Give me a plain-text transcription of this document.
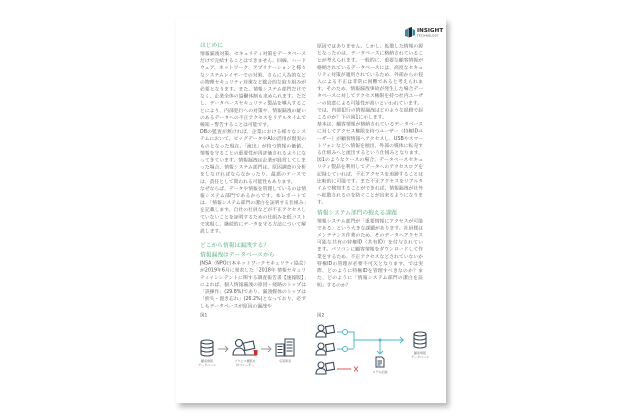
INSIGHT
TECHNOLOGY
はじめに

情報漏洩対策、セキュリティ対策をデータベースだけで完結することはできません。回線、ハードウェア、ネットワーク、アプリケーションと様々なシステムレイヤーでの対策、さらに人為的などの物理セキュリティ対策など総合的な取り組みが必要となります。また、情報システム部門だけでなく、企業全体の協働体制も求められます。ただし、データベースセキュリティ製品を導入することにより、内部犯行への対策や、情報漏洩の疑いのあるデータへの不正アクセスをリアルタイムで検知・警告することは可能です。

DBの監査が無ければ、企業における様々なシステムにおいて、ビッグデータやAIの活用が現実のものとなった現在、「流出」が持つ情報の価値、情報を守ることの重要性が再評価されるようになってきています。情報漏洩は企業が経営してしまった場合、情報システム部門は、原因調査の分析をしなければならなかったり、最悪のケースでは、責任として問われる可能性もあります。

なぜならば、データや情報を管理しているのは情報システム部門であるからです。本レポートでは、「情報システム部門の潔白を証明する仕組み」を記載します。自社の社員などが不正アクセスしていないことを証明するための仕組みを低コストで実現し、継続的にデータを守る方法について解説します。

どこから情報は漏洩する？
情報漏洩はデータベースから

JNSA（NPO日本ネットワークセキュリティ協会）が2019年6月に発表した「2018年 情報セキュリティインシデントに関する調査報告書【速報版】」によれば、個人情報漏洩の原因・経路のトップは「誤操作」(29.8%)であり、漏洩媒体のトップは「紛失・置き忘れ」(26.2%)となっており、必ずしもデータベースが原因の漏洩や

原因ではありません。しかし、拡散した情報の源となったのは、データベースに格納されていることが考えられます。一般的に、重要な顧客情報が格納されているデータベースには、高度なセキュリティ対策が適用されているため、外部からの侵入による不正は非常に困難であると考えられます。そのため、情報漏洩事故が発生した場合データベースに対してアクセス権限を持つ社内ユーザーの故意による可能性が高いといわれています。

では、内部犯行の情報漏洩はどのような経路で起こるのか？下の図1に示します。

基本は、顧客情報が格納されているデータベースに対してアクセス権限を持つユーザー（特権IDユーザー）が顧客情報へアクセスし、USBやスマートフォンなどへ情報を抽出、外部の媒体に転売する仕組みへと流出するという仕組みとなります。図1のようなケースの場合、データベースセキュリティ製品を利用してデータへのアクセスログを記録していれば、不正アクセスを追跡することは比較的に可能です。また不正アクセスをリアルタイムで検知することができれば、情報漏洩が社外へ拡散されるのを防ぐことが出来るようになります。

情報システム部門の抱える課題

情報システム部門が「重要情報にアクセスが可能である」という大きな課題があります。社員様はメンテナンス作業のため、そのデータへアクセス可能な共有の特権ID（共有ID）を付与されています。パソコンに顧客情報をダウンロードして作業をするため、不正アクセスなどされていないか特権IDの管理が必要不可欠となります。では実際、どのように特権IDを管理すべきなのか？また、どのように「情報システム部門の潔白を証明」するのか？

図1	図2
顧客情報
データベース
アクセス権限を
持つユーザー
名簿業者
ログの記録
顧客情報
データベース
